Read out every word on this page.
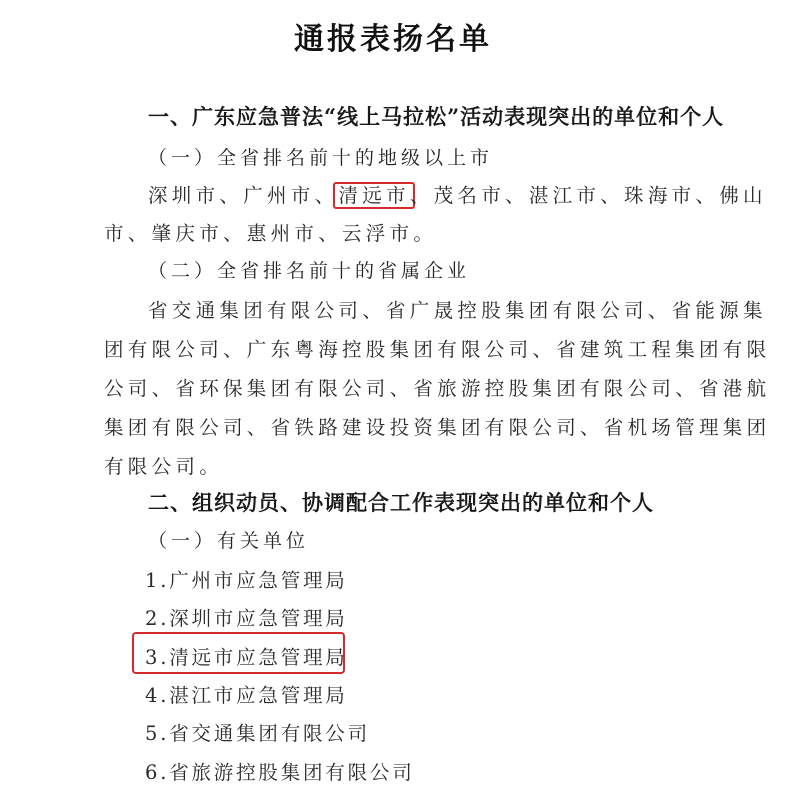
通报表扬名单
一、广东应急普法“线上马拉松”活动表现突出的单位和个人
（一）全省排名前十的地级以上市
深圳市、广州市、清远市、茂名市、湛江市、珠海市、佛山
市、肇庆市、惠州市、云浮市。
（二）全省排名前十的省属企业
省交通集团有限公司、省广晟控股集团有限公司、省能源集
团有限公司、广东粤海控股集团有限公司、省建筑工程集团有限
公司、省环保集团有限公司、省旅游控股集团有限公司、省港航
集团有限公司、省铁路建设投资集团有限公司、省机场管理集团
有限公司。
二、组织动员、协调配合工作表现突出的单位和个人
（一）有关单位
1.广州市应急管理局
2.深圳市应急管理局
3.清远市应急管理局
4.湛江市应急管理局
5.省交通集团有限公司
6.省旅游控股集团有限公司
